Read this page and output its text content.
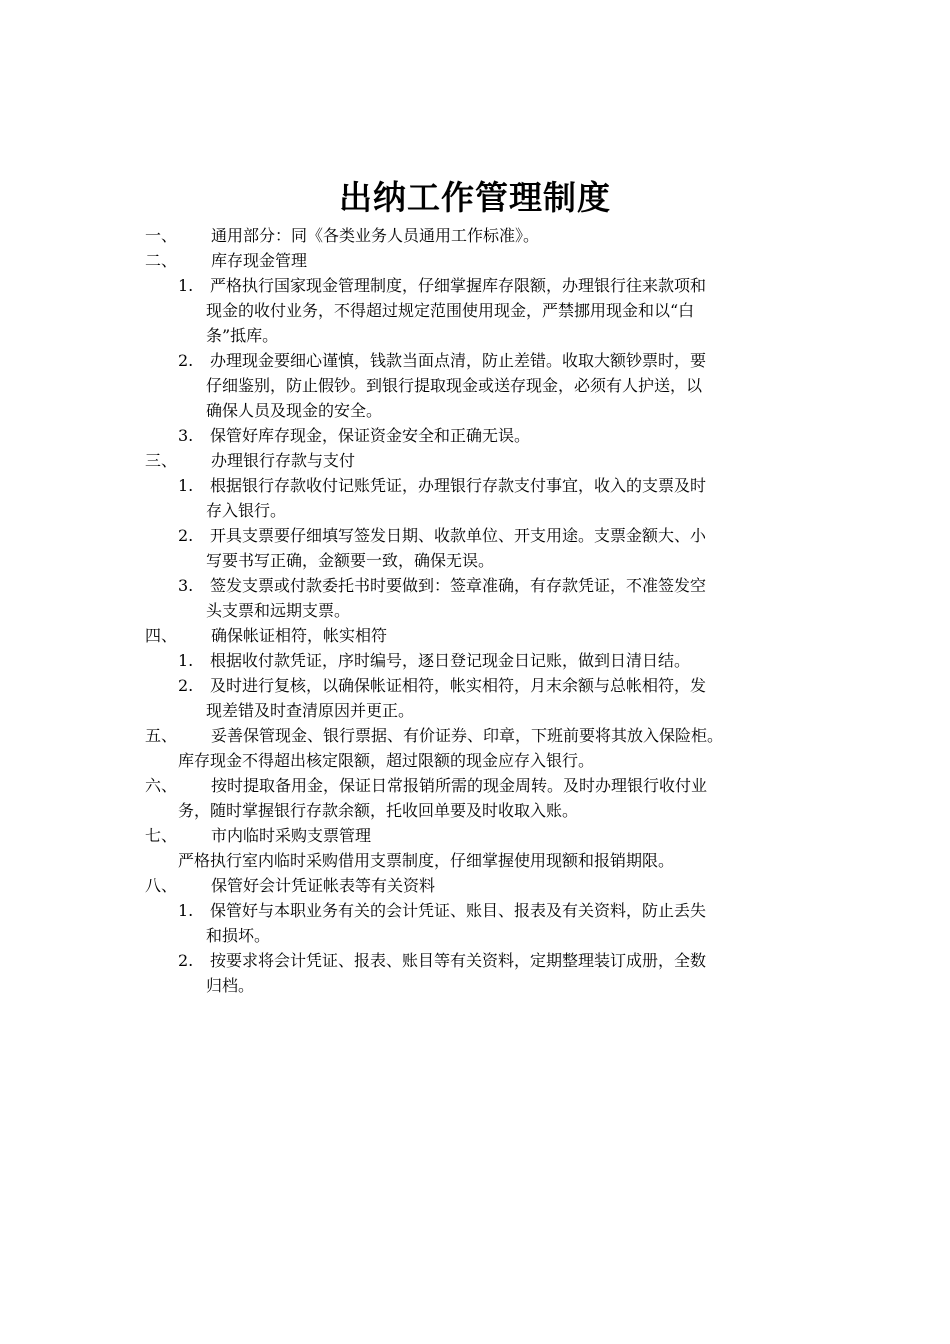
出纳工作管理制度
一、 通用部分：同《各类业务人员通用工作标准》。
二、 库存现金管理
1. 严格执行国家现金管理制度，仔细掌握库存限额，办理银行往来款项和
现金的收付业务，不得超过规定范围使用现金，严禁挪用现金和以“白
条”抵库。
2. 办理现金要细心谨慎，钱款当面点清，防止差错。收取大额钞票时，要
仔细鉴别，防止假钞。到银行提取现金或送存现金，必须有人护送，以
确保人员及现金的安全。
3. 保管好库存现金，保证资金安全和正确无误。
三、 办理银行存款与支付
1. 根据银行存款收付记账凭证，办理银行存款支付事宜，收入的支票及时
存入银行。
2. 开具支票要仔细填写签发日期、收款单位、开支用途。支票金额大、小
写要书写正确，金额要一致，确保无误。
3. 签发支票或付款委托书时要做到：签章准确，有存款凭证，不准签发空
头支票和远期支票。
四、 确保帐证相符，帐实相符
1. 根据收付款凭证，序时编号，逐日登记现金日记账，做到日清日结。
2. 及时进行复核，以确保帐证相符，帐实相符，月末余额与总帐相符，发
现差错及时查清原因并更正。
五、 妥善保管现金、银行票据、有价证券、印章，下班前要将其放入保险柜。
库存现金不得超出核定限额，超过限额的现金应存入银行。
六、 按时提取备用金，保证日常报销所需的现金周转。及时办理银行收付业
务，随时掌握银行存款余额，托收回单要及时收取入账。
七、 市内临时采购支票管理
严格执行室内临时采购借用支票制度，仔细掌握使用现额和报销期限。
八、 保管好会计凭证帐表等有关资料
1. 保管好与本职业务有关的会计凭证、账目、报表及有关资料，防止丢失
和损坏。
2. 按要求将会计凭证、报表、账目等有关资料，定期整理装订成册，全数
归档。
